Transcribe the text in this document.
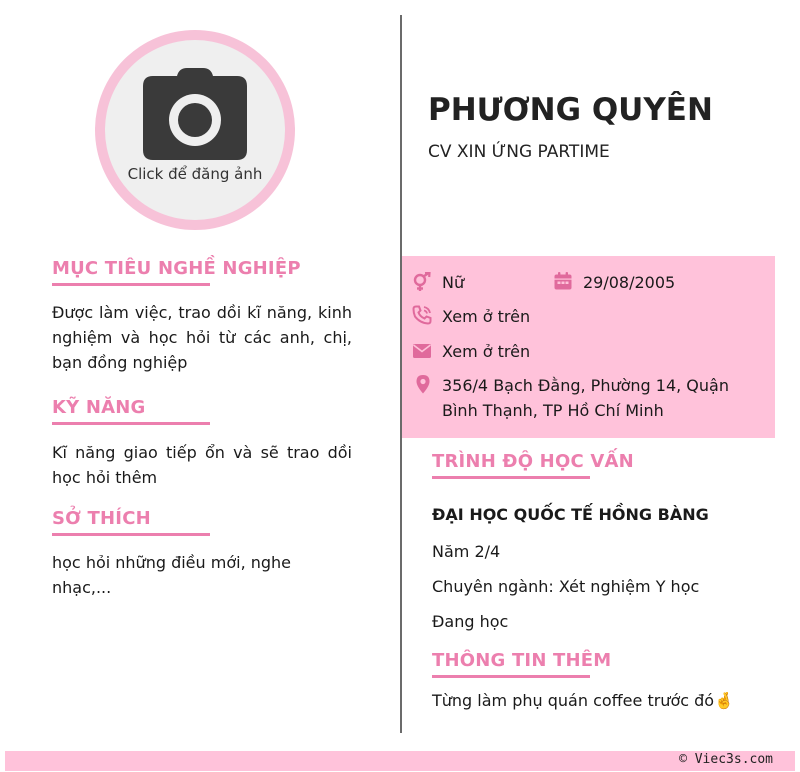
Click để đăng ảnh
MỤC TIÊU NGHỀ NGHIỆP
Được làm việc, trao dồi kĩ năng, kinh nghiệm và học hỏi từ các anh, chị, bạn đồng nghiệp
KỸ NĂNG
Kĩ năng giao tiếp ổn và sẽ trao dồi học hỏi thêm
SỞ THÍCH
học hỏi những điều mới, nghe nhạc,...
PHƯƠNG QUYÊN
CV XIN ỨNG PARTIME
Nữ	29/08/2005
Xem ở trên
Xem ở trên
356/4 Bạch Đằng, Phường 14, Quận
Bình Thạnh, TP Hồ Chí Minh
TRÌNH ĐỘ HỌC VẤN
ĐẠI HỌC QUỐC TẾ HỒNG BÀNG
Năm 2/4
Chuyên ngành: Xét nghiệm Y học
Đang học
THÔNG TIN THÊM
Từng làm phụ quán coffee trước đó🤞
© Viec3s.com
